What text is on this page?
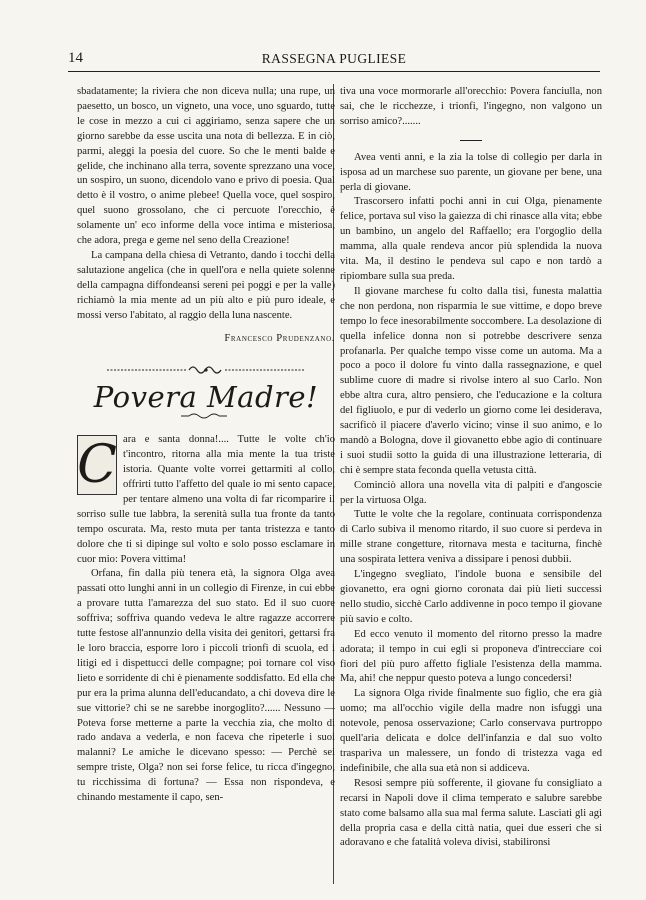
14	RASSEGNA PUGLIESE

sbadatamente; la riviera che non diceva nulla; una rupe, un paesetto, un bosco, un vigneto, una voce, uno sguardo, tutte le cose in mezzo a cui ci aggiriamo, senza sapere che un giorno sarebbe da esse uscita una nota di bellezza. E in ciò, parmi, aleggi la poesia del cuore. So che le menti balde e gelide, che inchinano alla terra, sovente sprezzano una voce, un sospiro, un suono, dicendolo vano e privo di poesia. Qual detto è il vostro, o anime plebee! Quella voce, quel sospiro, quel suono grossolano, che ci percuote l'orecchio, è solamente un' eco informe della voce intima e misteriosa, che adora, prega e geme nel seno della Creazione!

La campana della chiesa di Vetranto, dando i tocchi della salutazione angelica (che in quell'ora e nella quiete solenne della campagna diffondeansi sereni pei poggi e per la valle) richiamò la mia mente ad un più alto e più puro ideale, e mossi verso l'abitato, al raggio della luna nascente.

Francesco Prudenzano.
Povera Madre!
C ara e santa donna!.... Tutte le volte ch'io t'incontro, ritorna alla mia mente la tua triste istoria. Quante volte vorrei gettarmiti al collo, offrirti tutto l'affetto del quale io mi sento capace, per tentare almeno una volta di far ricomparire il sorriso sulle tue labbra, la serenità sulla tua fronte da tanto tempo oscurata. Ma, resto muta per tanta tristezza e tanto dolore che ti si dipinge sul volto e solo posso esclamare in cuor mio: Povera vittima!

Orfana, fin dalla più tenera età, la signora Olga avea passati otto lunghi anni in un collegio di Firenze, in cui ebbe a provare tutta l'amarezza del suo stato. Ed il suo cuore soffriva; soffriva quando vedeva le altre ragazze accorrere tutte festose all'annunzio della visita dei genitori, gettarsi fra le loro braccia, esporre loro i piccoli trionfi di scuola, ed i litigi ed i dispettucci delle compagne; poi tornare col viso lieto e sorridente di chi è pienamente soddisfatto. Ed ella che pur era la prima alunna dell'educandato, a chi doveva dire le sue vittorie? chi se ne sarebbe inorgoglito?...... Nessuno — Poteva forse metterne a parte la vecchia zia, che molto di rado andava a vederla, e non faceva che ripeterle i suoi malanni? Le amiche le dicevano spesso: — Perchè sei sempre triste, Olga? non sei forse felice, tu ricca d'ingegno, tu ricchissima di fortuna? — Essa non rispondeva, e chinando mestamente il capo, sen-

tiva una voce mormorarle all'orecchio: Povera fanciulla, non sai, che le ricchezze, i trionfi, l'ingegno, non valgono un sorriso amico?.......

Avea venti anni, e la zia la tolse di collegio per darla in isposa ad un marchese suo parente, un giovane per bene, una perla di giovane.

Trascorsero infatti pochi anni in cui Olga, pienamente felice, portava sul viso la gaiezza di chi rinasce alla vita; ebbe un bambino, un angelo del Raffaello; era l'orgoglio della mamma, alla quale rendeva ancor più splendida la nuova vita. Ma, il destino le pendeva sul capo e non tardò a ripiombare sulla sua preda.

Il giovane marchese fu colto dalla tisi, funesta malattia che non perdona, non risparmia le sue vittime, e dopo breve tempo lo fece inesorabilmente soccombere. La desolazione di quella infelice donna non si potrebbe descrivere senza profanarla. Per qualche tempo visse come un automa. Ma a poco a poco il dolore fu vinto dalla rassegnazione, e quel sublime cuore di madre si rivolse intero al suo Carlo. Non ebbe altra cura, altro pensiero, che l'educazione e la coltura del figliuolo, e pur di vederlo un giorno come lei desiderava, sacrificò il piacere d'averlo vicino; vinse il suo animo, e lo mandò a Bologna, dove il giovanetto ebbe agio di continuare i suoi studii sotto la guida di una illustrazione letteraria, di chi è sempre stata feconda quella vetusta città.

Cominciò allora una novella vita di palpiti e d'angoscie per la virtuosa Olga.

Tutte le volte che la regolare, continuata corrispondenza di Carlo subiva il menomo ritardo, il suo cuore si perdeva in mille strane congetture, ritornava mesta e taciturna, finchè una sospirata lettera veniva a dissipare i penosi dubbii.

L'ingegno svegliato, l'indole buona e sensibile del giovanetto, era ogni giorno coronata dai più lieti successi nello studio, sicchè Carlo addivenne in poco tempo il giovane più savio e colto.

Ed ecco venuto il momento del ritorno presso la madre adorata; il tempo in cui egli si proponeva d'intrecciare coi fiori del più puro affetto figliale l'esistenza della mamma. Ma, ahi! che neppur questo poteva a lungo concedersi!

La signora Olga rivide finalmente suo figlio, che era già uomo; ma all'occhio vigile della madre non isfuggì una notevole, penosa osservazione; Carlo conservava purtroppo quell'aria delicata e dolce dell'infanzia e dal suo volto traspariva un malessere, un fondo di tristezza vaga ed indefinibile, che alla sua età non si addiceva.

Resosi sempre più sofferente, il giovane fu consigliato a recarsi in Napoli dove il clima temperato e salubre sarebbe stato come balsamo alla sua mal ferma salute. Lasciati gli agi della propria casa e della città natia, quei due esseri che si adoravano e che fatalità voleva divisi, stabilironsi
